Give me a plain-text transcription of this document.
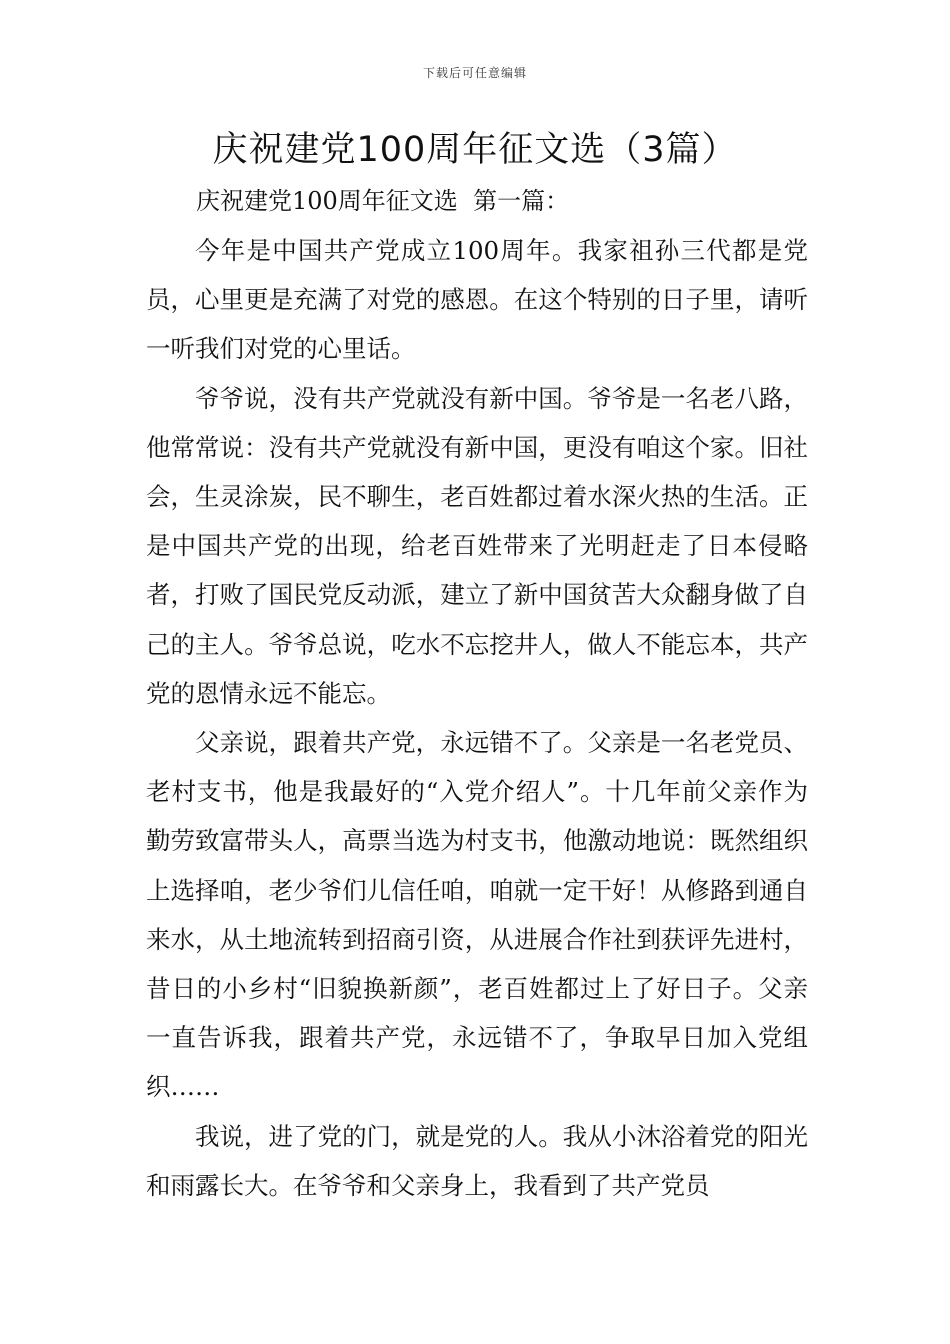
下载后可任意编辑
庆祝建党100周年征文选（3篇）
庆祝建党100周年征文选  第一篇：

今年是中国共产党成立100周年。我家祖孙三代都是党员，心里更是充满了对党的感恩。在这个特别的日子里，请听一听我们对党的心里话。

爷爷说，没有共产党就没有新中国。爷爷是一名老八路，他常常说：没有共产党就没有新中国，更没有咱这个家。旧社会，生灵涂炭，民不聊生，老百姓都过着水深火热的生活。正是中国共产党的出现，给老百姓带来了光明赶走了日本侵略者，打败了国民党反动派，建立了新中国贫苦大众翻身做了自己的主人。爷爷总说，吃水不忘挖井人，做人不能忘本，共产党的恩情永远不能忘。

父亲说，跟着共产党，永远错不了。父亲是一名老党员、老村支书，他是我最好的“入党介绍人”。十几年前父亲作为勤劳致富带头人，高票当选为村支书，他激动地说：既然组织上选择咱，老少爷们儿信任咱，咱就一定干好！从修路到通自来水，从土地流转到招商引资，从进展合作社到获评先进村，昔日的小乡村“旧貌换新颜”，老百姓都过上了好日子。父亲一直告诉我，跟着共产党，永远错不了，争取早日加入党组织……

我说，进了党的门，就是党的人。我从小沐浴着党的阳光和雨露长大。在爷爷和父亲身上，我看到了共产党员
